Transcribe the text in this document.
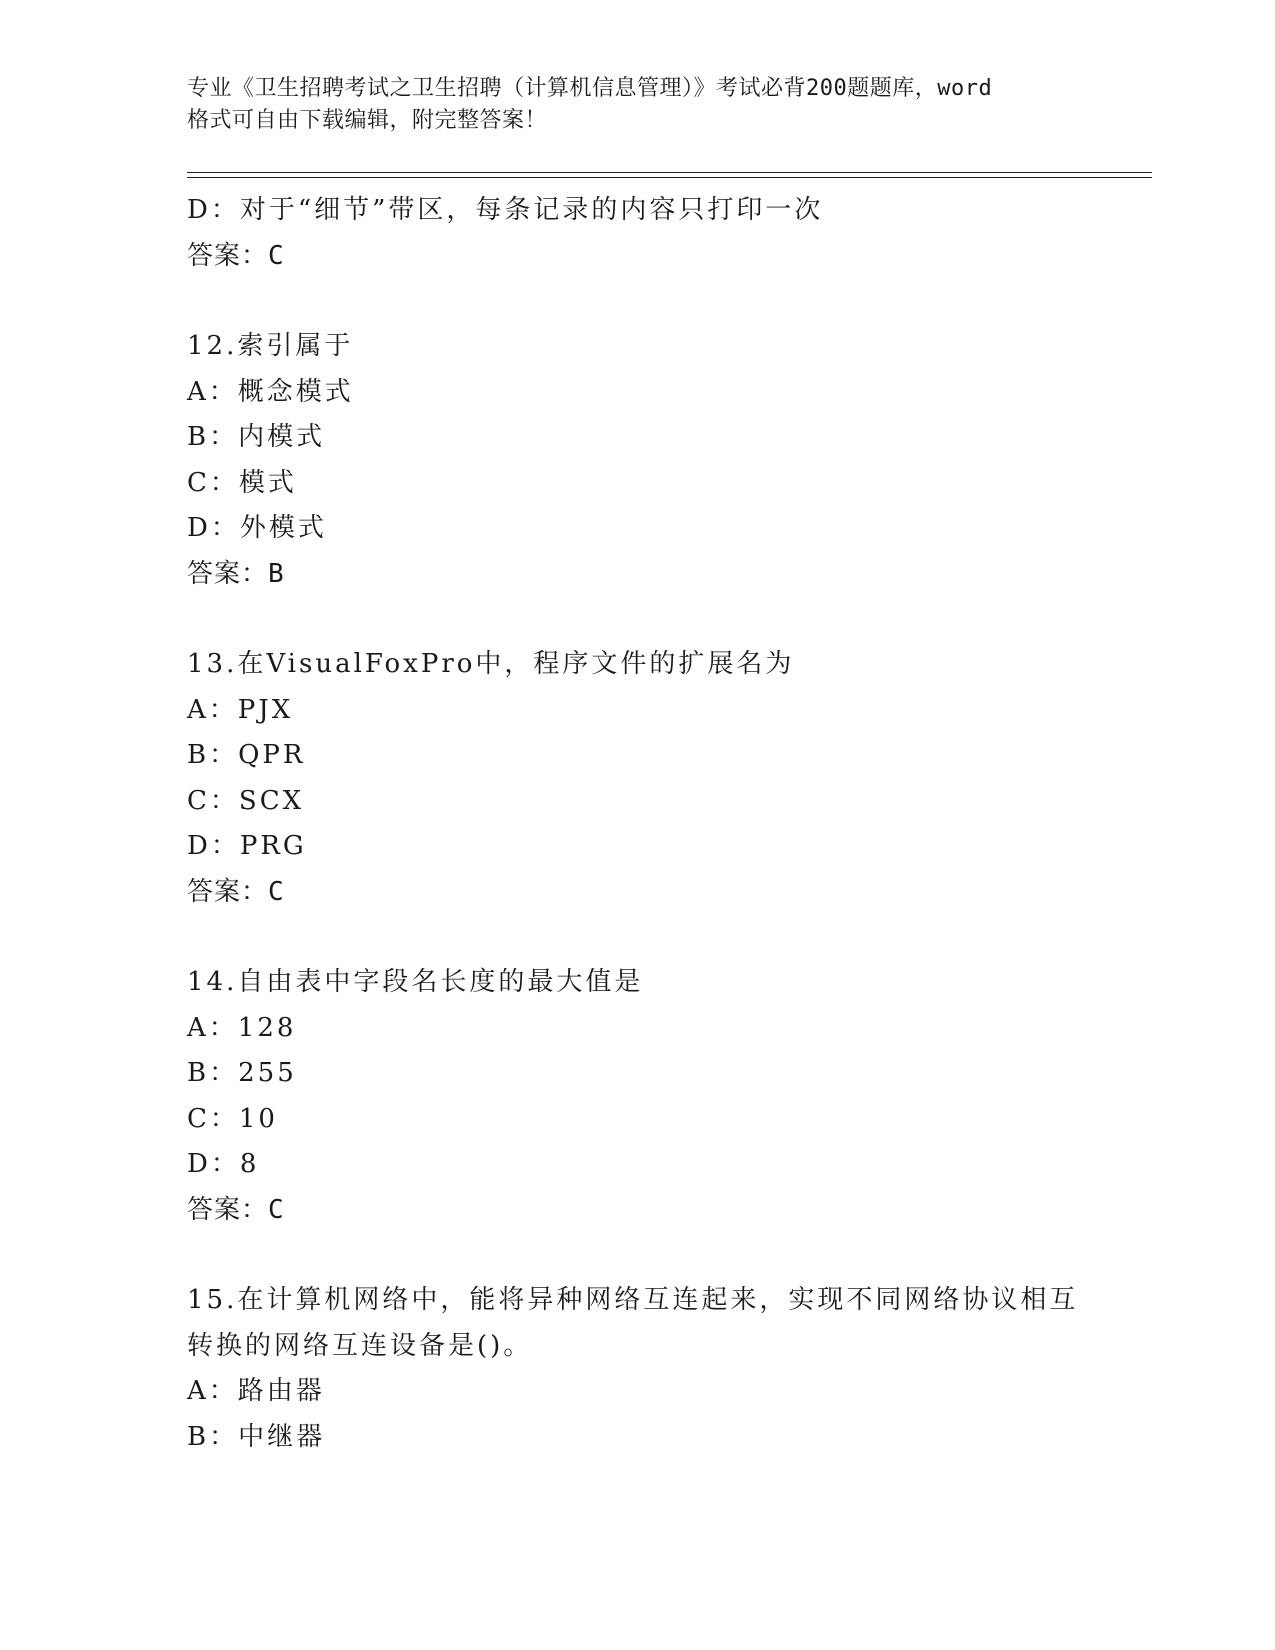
专业《卫生招聘考试之卫生招聘（计算机信息管理）》考试必背200题题库，word
格式可自由下载编辑，附完整答案！
D：对于“细节”带区，每条记录的内容只打印一次
答案：C
12.索引属于
A：概念模式
B：内模式
C：模式
D：外模式
答案：B
13.在VisualFoxPro中，程序文件的扩展名为
A：PJX
B：QPR
C：SCX
D：PRG
答案：C
14.自由表中字段名长度的最大值是
A：128
B：255
C：10
D：8
答案：C
15.在计算机网络中，能将异种网络互连起来，实现不同网络协议相互
转换的网络互连设备是()。
A：路由器
B：中继器
